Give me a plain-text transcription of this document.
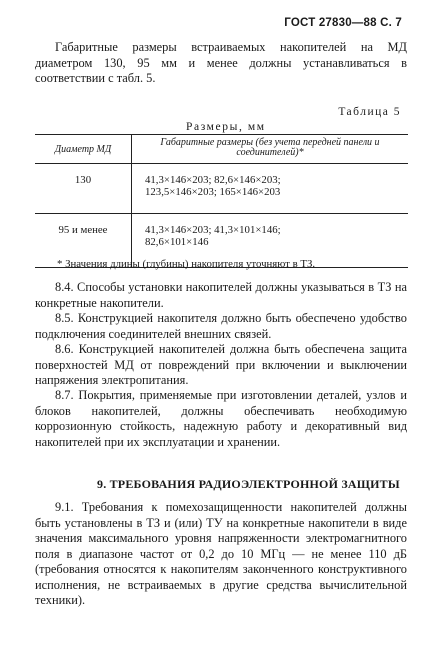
ГОСТ 27830—88 С. 7
Габаритные размеры встраиваемых накопителей на МД диаметром 130, 95 мм и менее должны устанавливаться в соответствии с табл. 5.
Таблица 5
Размеры, мм
Диаметр МД	Габаритные размеры (без учета передней панели и соединителей)*
130	41,3×146×203; 82,6×146×203;
123,5×146×203; 165×146×203

95 и менее	41,3×146×203; 41,3×101×146;
82,6×101×146
* Значения длины (глубины) накопителя уточняют в ТЗ.
8.4. Способы установки накопителей должны указываться в ТЗ на конкретные накопители.
8.5. Конструкцией накопителя должно быть обеспечено удобство подключения соединителей внешних связей.
8.6. Конструкцией накопителей должна быть обеспечена защита поверхностей МД от повреждений при включении и выключении напряжения электропитания.
8.7. Покрытия, применяемые при изготовлении деталей, узлов и блоков накопителей, должны обеспечивать необходимую коррозионную стойкость, надежную работу и декоративный вид накопителей при их эксплуатации и хранении.
9. ТРЕБОВАНИЯ РАДИОЭЛЕКТРОННОЙ ЗАЩИТЫ
9.1. Требования к помехозащищенности накопителей должны быть установлены в ТЗ и (или) ТУ на конкретные накопители в виде значения максимального уровня напряженности электромагнитного поля в диапазоне частот от 0,2 до 10 МГц — не менее 110 дБ (требования относятся к накопителям законченного конструктивного исполнения, не встраиваемых в другие средства вычислительной техники).
